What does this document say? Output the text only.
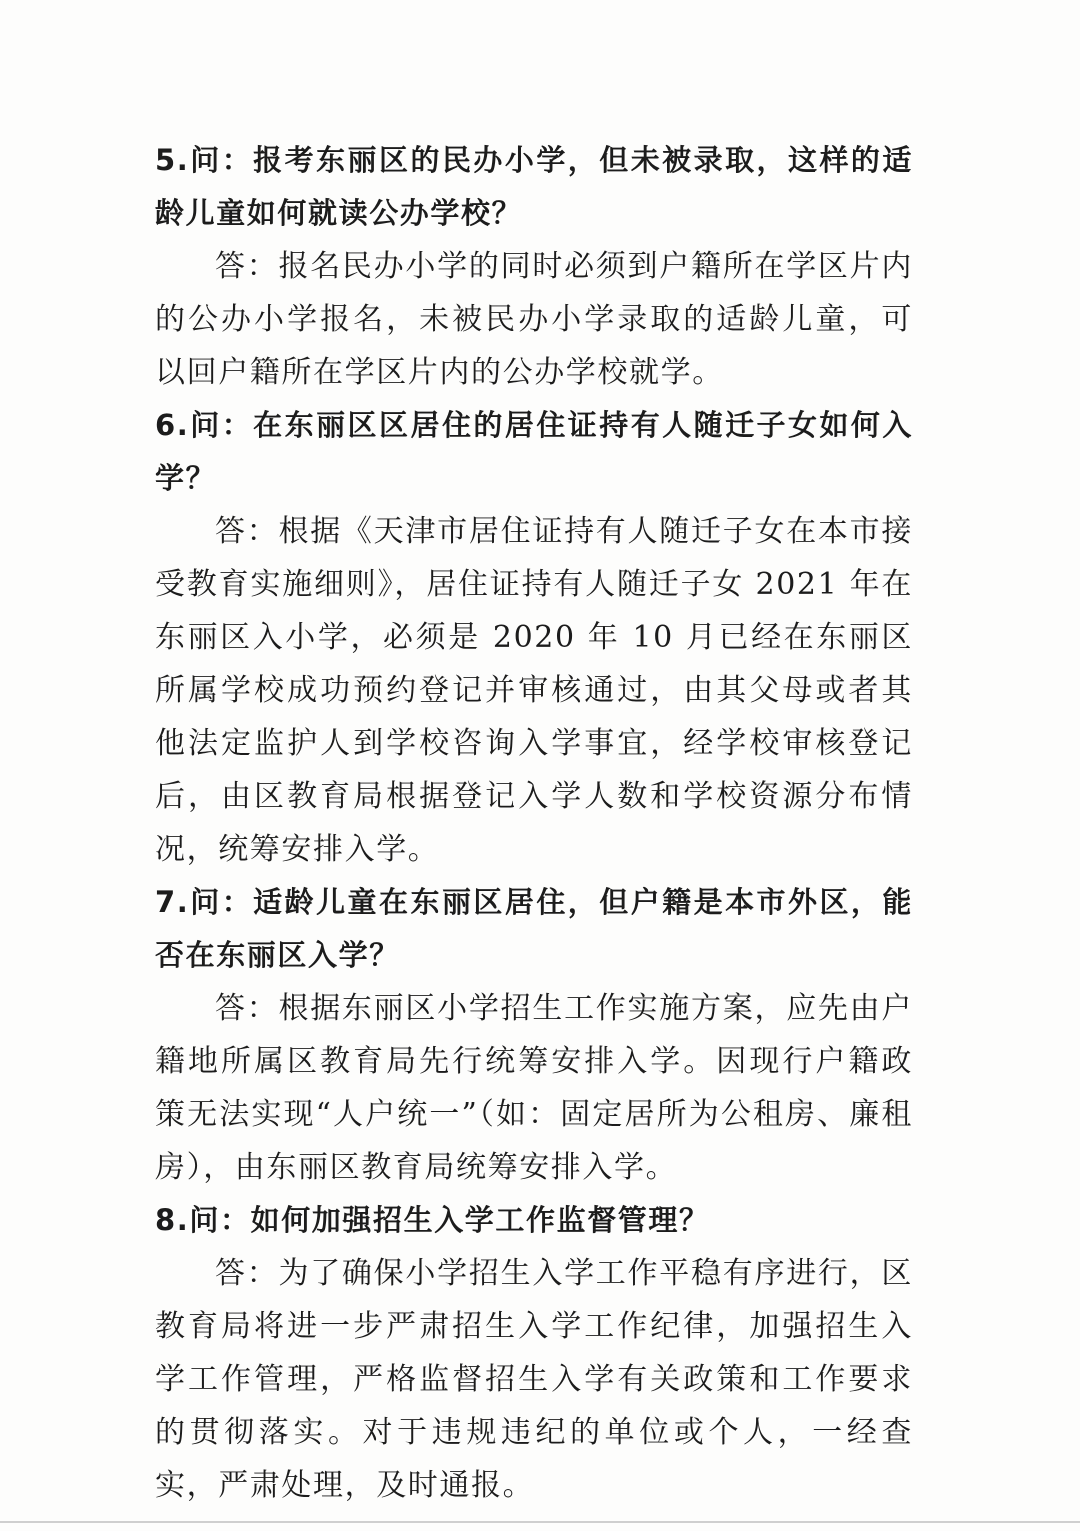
5.问：报考东丽区的民办小学，但未被录取，这样的适龄儿童如何就读公办学校？

答：报名民办小学的同时必须到户籍所在学区片内的公办小学报名，未被民办小学录取的适龄儿童，可以回户籍所在学区片内的公办学校就学。

6.问：在东丽区区居住的居住证持有人随迁子女如何入学？

答：根据《天津市居住证持有人随迁子女在本市接受教育实施细则》，居住证持有人随迁子女 2021 年在东丽区入小学，必须是 2020 年 10 月已经在东丽区所属学校成功预约登记并审核通过，由其父母或者其他法定监护人到学校咨询入学事宜，经学校审核登记后，由区教育局根据登记入学人数和学校资源分布情况，统筹安排入学。

7.问：适龄儿童在东丽区居住，但户籍是本市外区，能否在东丽区入学？

答：根据东丽区小学招生工作实施方案，应先由户籍地所属区教育局先行统筹安排入学。因现行户籍政策无法实现“人户统一”（如：固定居所为公租房、廉租房），由东丽区教育局统筹安排入学。

8.问：如何加强招生入学工作监督管理？

答：为了确保小学招生入学工作平稳有序进行，区教育局将进一步严肃招生入学工作纪律，加强招生入学工作管理，严格监督招生入学有关政策和工作要求的贯彻落实。对于违规违纪的单位或个人，一经查实，严肃处理，及时通报。
